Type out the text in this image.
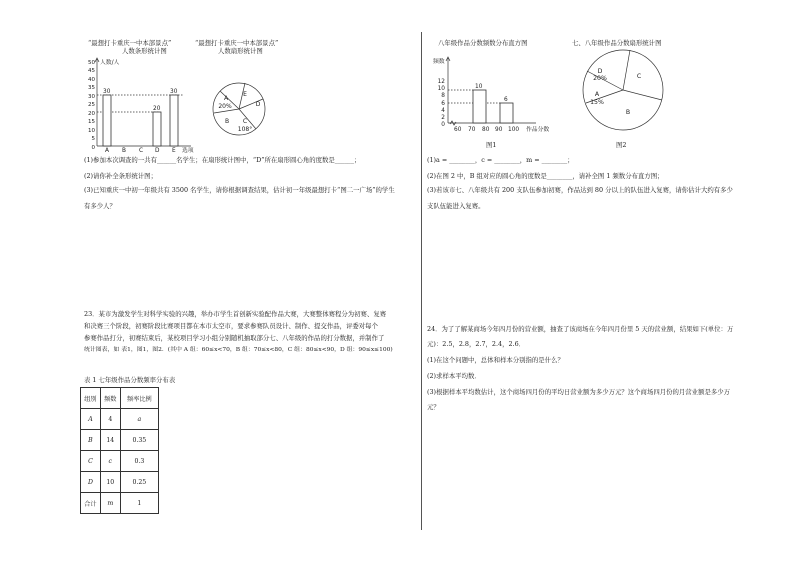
“最想打卡重庆一中本部景点”
人数条形统计图
“最想打卡重庆一中本部景点”
人数扇形统计图
50
45
40
35
30
25
20
15
10
5
0
人数/人
30
20
30
A B C D E 选项
A
20%
E
D
B C
108°
(1)参加本次调查的一共有______名学生；在扇形统计图中，“D”所在扇形圆心角的度数是______；
(2)请你补全条形统计图；
(3)已知重庆一中初一年级共有 3500 名学生，请你根据调查结果，估计初一年级最想打卡“图二一广场”的学生
有多少人？
23．某市为激发学生对科学实验的兴趣，举办市学生首创新实验配作品大赛，大赛整体赛程分为初赛、复赛
和决赛三个阶段，初赛阶段比赛项目都在本市太空市，要求参赛队员设计、制作、提交作品，评委对每个
参赛作品打分，初赛结束后，某校项目学习小组分别随机抽取部分七、八年级的作品的打分数据，并制作了
统计图表，如 表1，图1，图2．(其中 A 组：60≤x<70，B 组：70≤x<80，C 组：80≤x<90，D 组：90≤x≤100)
表 1 七年级作品分数频率分布表
组别	频数	频率比例
A	4	a
B	14	0.35
C	c	0.3
D	10	0.25
合计	m	1
八年级作品分数频数分布直方图	七、八年级作品分数扇形统计图
12
10
8
6
4
2
0
频数
10
6
60 70 80 90 100 作品分数
图1
D
20%	C
A
15%
B
图2
(1)a = ________，c = ________，m = ________；
(2)在图 2 中，B 组对应的圆心角的度数是________，请补全图 1 频数分布直方图；
(3)若该市七、八年级共有 200 支队伍参加初赛，作品达到 80 分以上的队伍进入复赛，请你估计大约有多少
支队伍能进入复赛。
24．为了了解某商场今年四月份的营业额，抽查了该商场在今年四月份里 5 天的营业额，结果如下(单位：万
元)：2.5，2.8，2.7，2.4，2.6．
(1)在这个问题中，总体和样本分别指的是什么？
(2)求样本平均数．
(3)根据样本平均数估计，这个商场四月份的平均日营业额为多少万元？这个商场四月份的月营业额是多少万
元？
